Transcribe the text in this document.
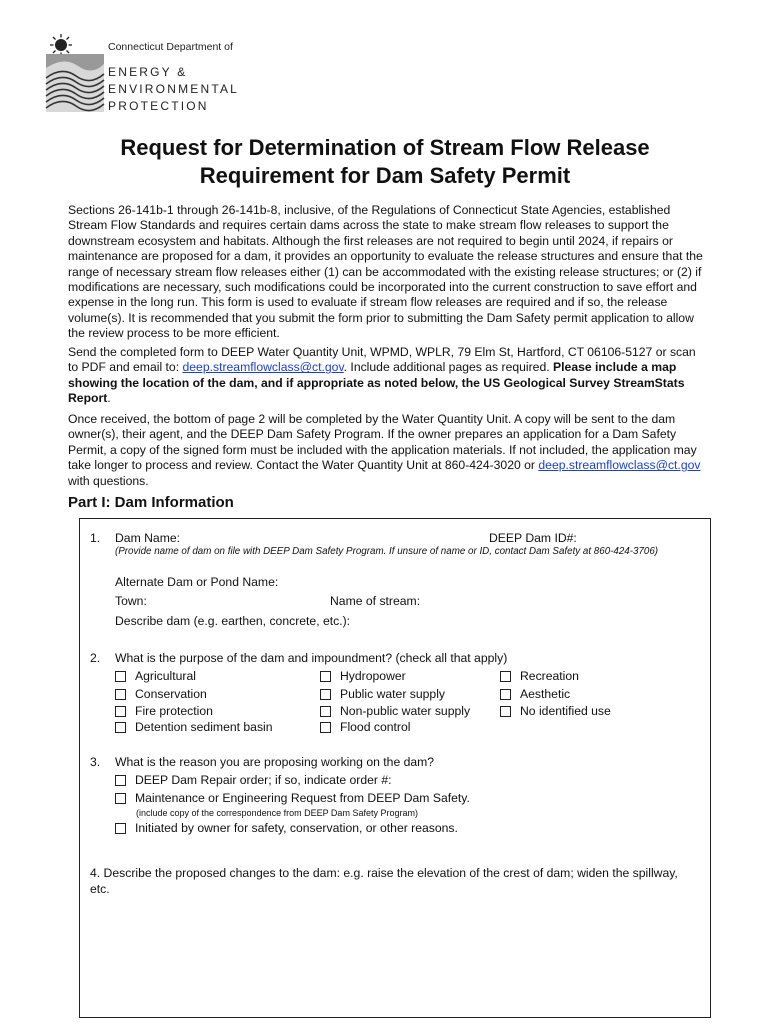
Connecticut Department of
ENERGY &
ENVIRONMENTAL
PROTECTION
Request for Determination of Stream Flow Release
Requirement for Dam Safety Permit
Sections 26-141b-1 through 26-141b-8, inclusive, of the Regulations of Connecticut State Agencies, established Stream Flow Standards and requires certain dams across the state to make stream flow releases to support the downstream ecosystem and habitats. Although the first releases are not required to begin until 2024, if repairs or maintenance are proposed for a dam, it provides an opportunity to evaluate the release structures and ensure that the range of necessary stream flow releases either (1) can be accommodated with the existing release structures; or (2) if modifications are necessary, such modifications could be incorporated into the current construction to save effort and expense in the long run. This form is used to evaluate if stream flow releases are required and if so, the release volume(s). It is recommended that you submit the form prior to submitting the Dam Safety permit application to allow the review process to be more efficient.
Send the completed form to DEEP Water Quantity Unit, WPMD, WPLR, 79 Elm St, Hartford, CT 06106-5127 or scan to PDF and email to: deep.streamflowclass@ct.gov. Include additional pages as required. Please include a map showing the location of the dam, and if appropriate as noted below, the US Geological Survey StreamStats Report.
Once received, the bottom of page 2 will be completed by the Water Quantity Unit. A copy will be sent to the dam owner(s), their agent, and the DEEP Dam Safety Program. If the owner prepares an application for a Dam Safety Permit, a copy of the signed form must be included with the application materials. If not included, the application may take longer to process and review. Contact the Water Quantity Unit at 860-424-3020 or deep.streamflowclass@ct.gov with questions.
Part I: Dam Information
1. Dam Name:	DEEP Dam ID#:
(Provide name of dam on file with DEEP Dam Safety Program. If unsure of name or ID, contact Dam Safety at 860-424-3706)
Alternate Dam or Pond Name:
Town:	Name of stream:
Describe dam (e.g. earthen, concrete, etc.):
2. What is the purpose of the dam and impoundment? (check all that apply)
Agricultural
Conservation
Fire protection
Detention sediment basin
Hydropower
Public water supply
Non-public water supply
Flood control
Recreation
Aesthetic
No identified use
3. What is the reason you are proposing working on the dam?
DEEP Dam Repair order; if so, indicate order #:
Maintenance or Engineering Request from DEEP Dam Safety.
(include copy of the correspondence from DEEP Dam Safety Program)
Initiated by owner for safety, conservation, or other reasons.
4. Describe the proposed changes to the dam: e.g. raise the elevation of the crest of dam; widen the spillway, etc.
